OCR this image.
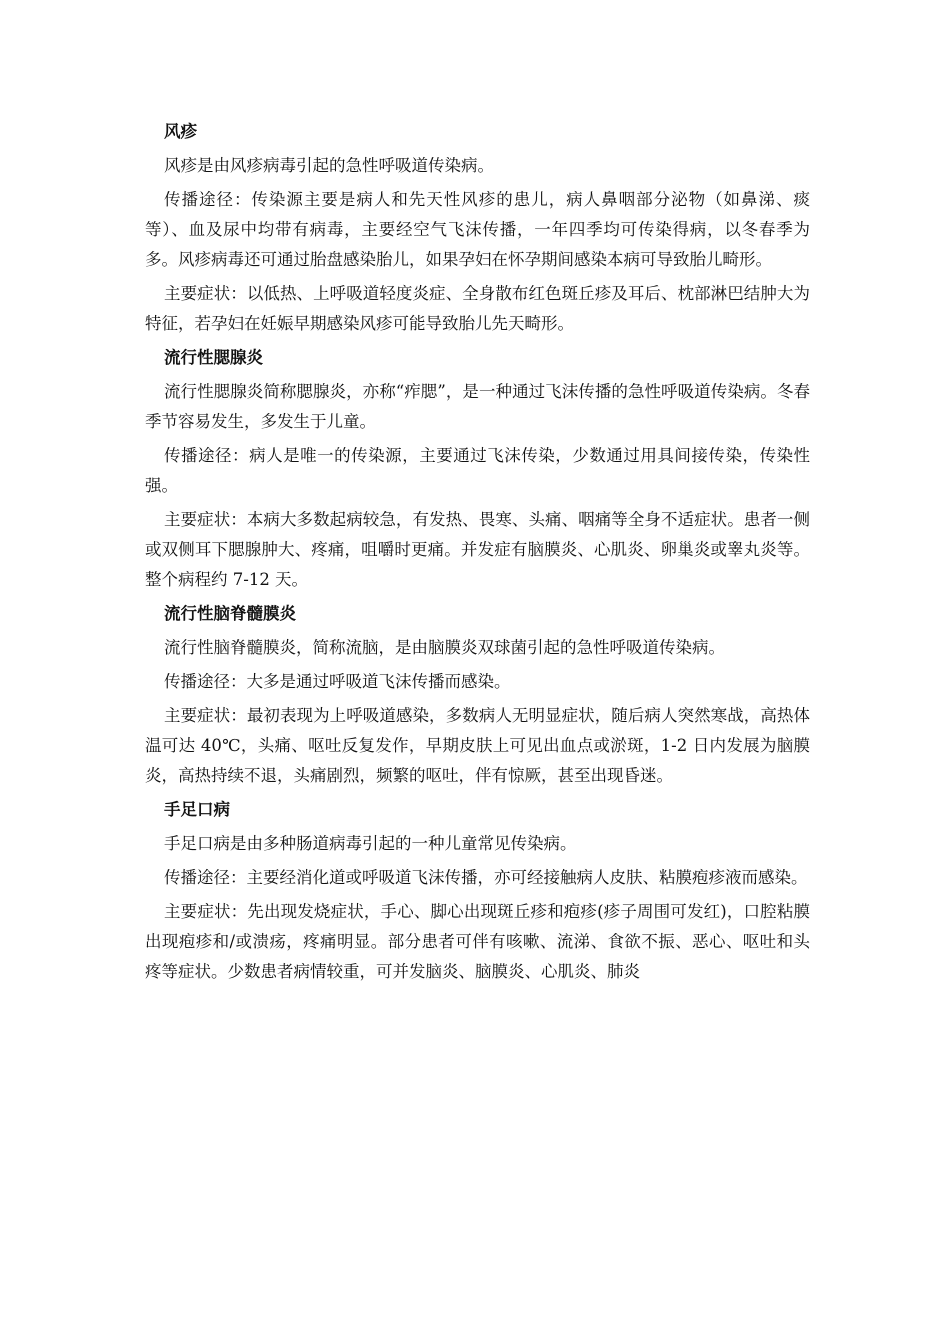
风疹

风疹是由风疹病毒引起的急性呼吸道传染病。

传播途径：传染源主要是病人和先天性风疹的患儿，病人鼻咽部分泌物（如鼻涕、痰等）、血及尿中均带有病毒，主要经空气飞沫传播，一年四季均可传染得病，以冬春季为多。风疹病毒还可通过胎盘感染胎儿，如果孕妇在怀孕期间感染本病可导致胎儿畸形。

主要症状：以低热、上呼吸道轻度炎症、全身散布红色斑丘疹及耳后、枕部淋巴结肿大为特征，若孕妇在妊娠早期感染风疹可能导致胎儿先天畸形。

流行性腮腺炎

流行性腮腺炎简称腮腺炎，亦称“痄腮”，是一种通过飞沫传播的急性呼吸道传染病。冬春季节容易发生，多发生于儿童。

传播途径：病人是唯一的传染源，主要通过飞沫传染，少数通过用具间接传染，传染性强。

主要症状：本病大多数起病较急，有发热、畏寒、头痛、咽痛等全身不适症状。患者一侧或双侧耳下腮腺肿大、疼痛，咀嚼时更痛。并发症有脑膜炎、心肌炎、卵巢炎或睾丸炎等。整个病程约 7-12 天。

流行性脑脊髓膜炎

流行性脑脊髓膜炎，简称流脑，是由脑膜炎双球菌引起的急性呼吸道传染病。

传播途径：大多是通过呼吸道飞沫传播而感染。

主要症状：最初表现为上呼吸道感染，多数病人无明显症状，随后病人突然寒战，高热体温可达 40℃，头痛、呕吐反复发作，早期皮肤上可见出血点或淤斑，1-2 日内发展为脑膜炎，高热持续不退，头痛剧烈，频繁的呕吐，伴有惊厥，甚至出现昏迷。

手足口病

手足口病是由多种肠道病毒引起的一种儿童常见传染病。

传播途径：主要经消化道或呼吸道飞沫传播，亦可经接触病人皮肤、粘膜疱疹液而感染。

主要症状：先出现发烧症状，手心、脚心出现斑丘疹和疱疹(疹子周围可发红)，口腔粘膜出现疱疹和/或溃疡，疼痛明显。部分患者可伴有咳嗽、流涕、食欲不振、恶心、呕吐和头疼等症状。少数患者病情较重，可并发脑炎、脑膜炎、心肌炎、肺炎
